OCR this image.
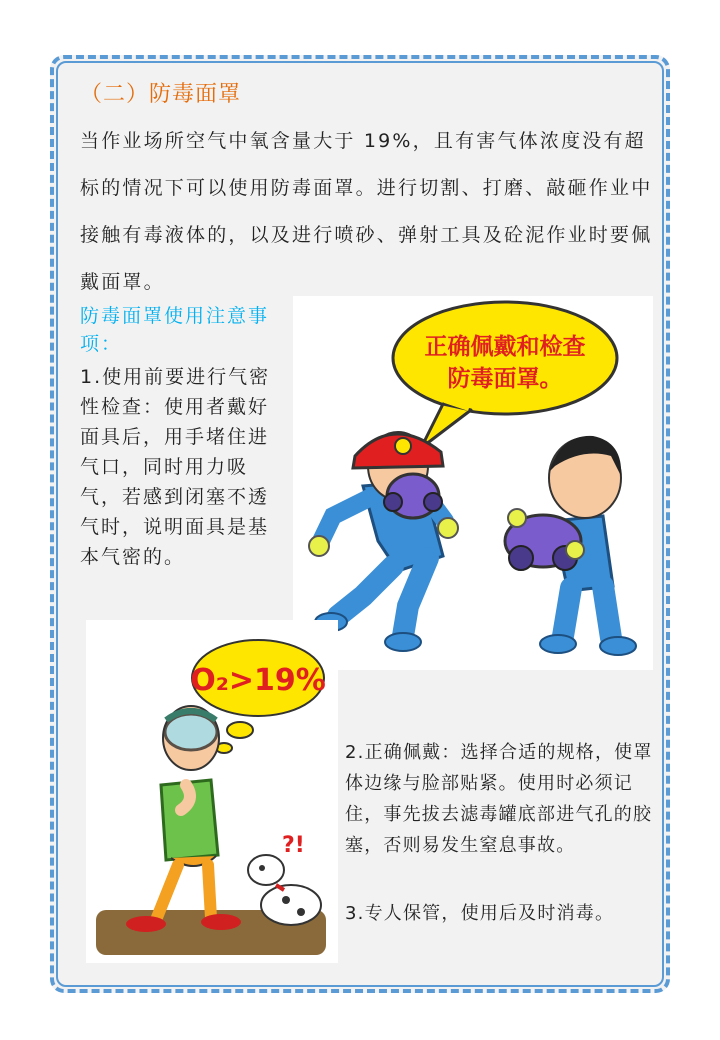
（二）防毒面罩

当作业场所空气中氧含量大于 19%，且有害气体浓度没有超标的情况下可以使用防毒面罩。进行切割、打磨、敲砸作业中接触有毒液体的，以及进行喷砂、弹射工具及砼泥作业时要佩戴面罩。

防毒面罩使用注意事项：

1.使用前要进行气密性检查：使用者戴好面具后，用手堵住进气口，同时用力吸气，若感到闭塞不透气时，说明面具是基本气密的。

正确佩戴和检查
防毒面罩。
O₂>19%
?!

2.正确佩戴：选择合适的规格，使罩体边缘与脸部贴紧。使用时必须记住，事先拔去滤毒罐底部进气孔的胶塞，否则易发生窒息事故。

3.专人保管，使用后及时消毒。
